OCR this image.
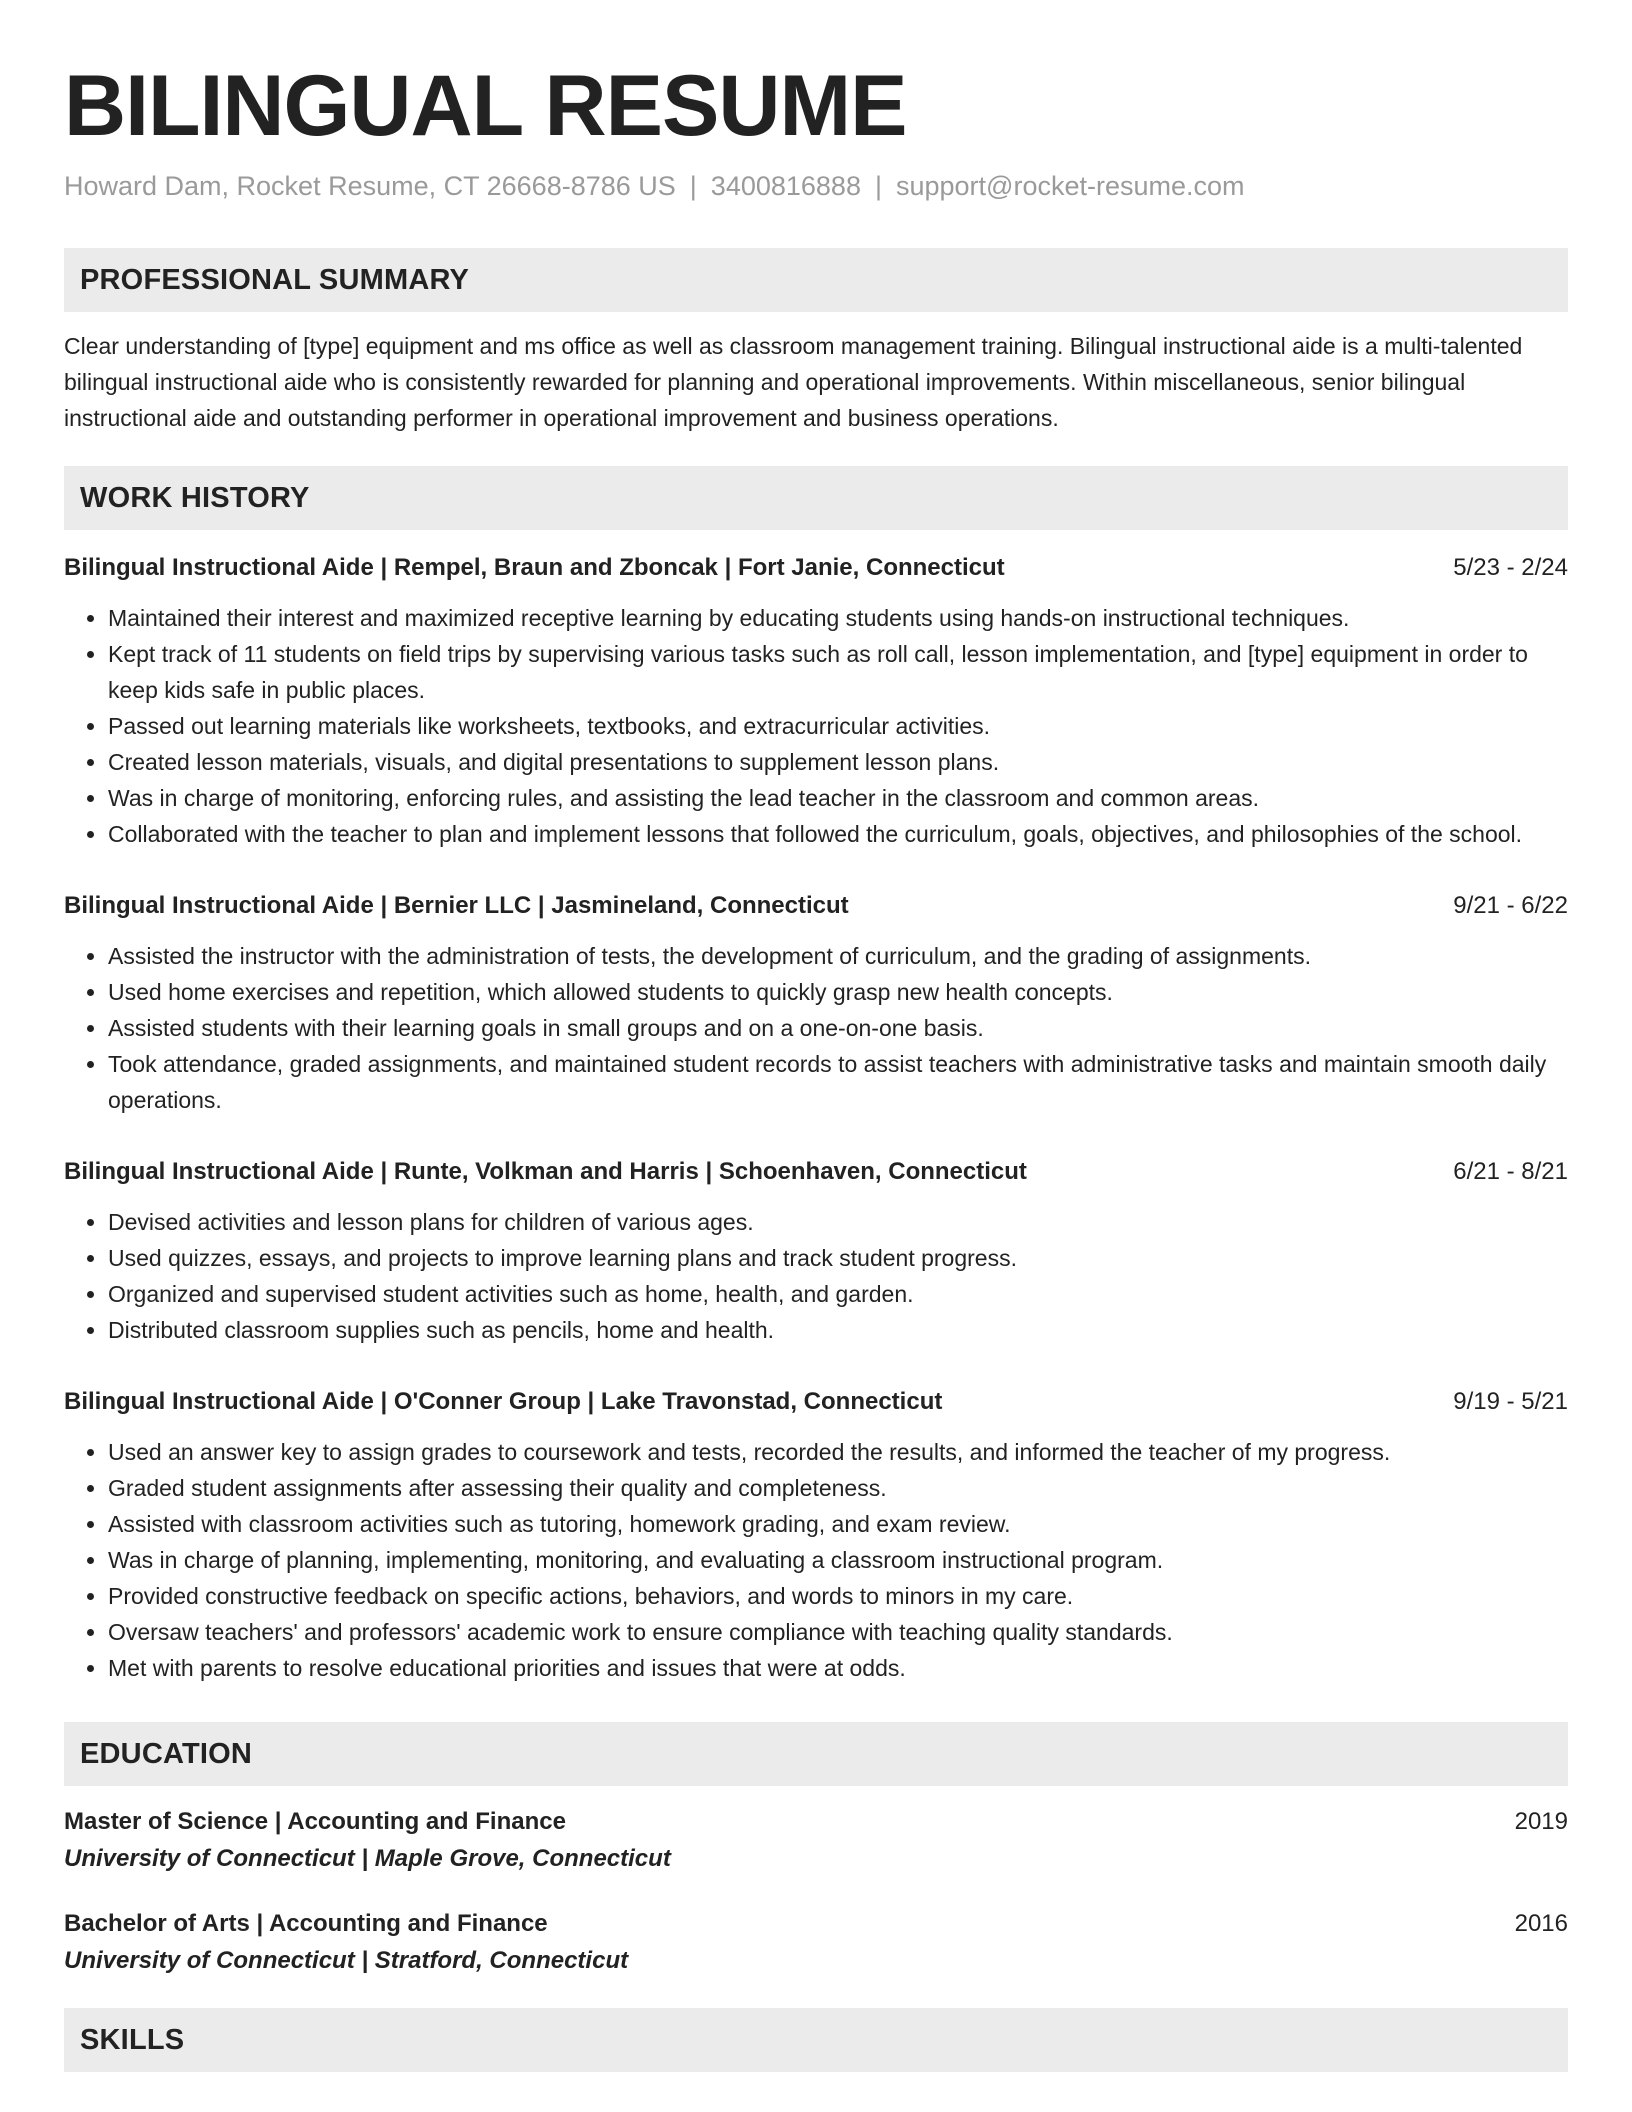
BILINGUAL RESUME
Howard Dam, Rocket Resume, CT 26668-8786 US | 3400816888 | support@rocket-resume.com
PROFESSIONAL SUMMARY

Clear understanding of [type] equipment and ms office as well as classroom management training. Bilingual instructional aide is a multi-talented bilingual instructional aide who is consistently rewarded for planning and operational improvements. Within miscellaneous, senior bilingual instructional aide and outstanding performer in operational improvement and business operations.

WORK HISTORY
Bilingual Instructional Aide | Rempel, Braun and Zboncak | Fort Janie, Connecticut	5/23 - 2/24
• Maintained their interest and maximized receptive learning by educating students using hands-on instructional techniques.
• Kept track of 11 students on field trips by supervising various tasks such as roll call, lesson implementation, and [type] equipment in order to keep kids safe in public places.
• Passed out learning materials like worksheets, textbooks, and extracurricular activities.
• Created lesson materials, visuals, and digital presentations to supplement lesson plans.
• Was in charge of monitoring, enforcing rules, and assisting the lead teacher in the classroom and common areas.
• Collaborated with the teacher to plan and implement lessons that followed the curriculum, goals, objectives, and philosophies of the school.
Bilingual Instructional Aide | Bernier LLC | Jasmineland, Connecticut	9/21 - 6/22
• Assisted the instructor with the administration of tests, the development of curriculum, and the grading of assignments.
• Used home exercises and repetition, which allowed students to quickly grasp new health concepts.
• Assisted students with their learning goals in small groups and on a one-on-one basis.
• Took attendance, graded assignments, and maintained student records to assist teachers with administrative tasks and maintain smooth daily operations.
Bilingual Instructional Aide | Runte, Volkman and Harris | Schoenhaven, Connecticut	6/21 - 8/21
• Devised activities and lesson plans for children of various ages.
• Used quizzes, essays, and projects to improve learning plans and track student progress.
• Organized and supervised student activities such as home, health, and garden.
• Distributed classroom supplies such as pencils, home and health.
Bilingual Instructional Aide | O'Conner Group | Lake Travonstad, Connecticut	9/19 - 5/21
• Used an answer key to assign grades to coursework and tests, recorded the results, and informed the teacher of my progress.
• Graded student assignments after assessing their quality and completeness.
• Assisted with classroom activities such as tutoring, homework grading, and exam review.
• Was in charge of planning, implementing, monitoring, and evaluating a classroom instructional program.
• Provided constructive feedback on specific actions, behaviors, and words to minors in my care.
• Oversaw teachers' and professors' academic work to ensure compliance with teaching quality standards.
• Met with parents to resolve educational priorities and issues that were at odds.
EDUCATION
Master of Science | Accounting and Finance	2019
University of Connecticut | Maple Grove, Connecticut
Bachelor of Arts | Accounting and Finance	2016
University of Connecticut | Stratford, Connecticut
SKILLS
